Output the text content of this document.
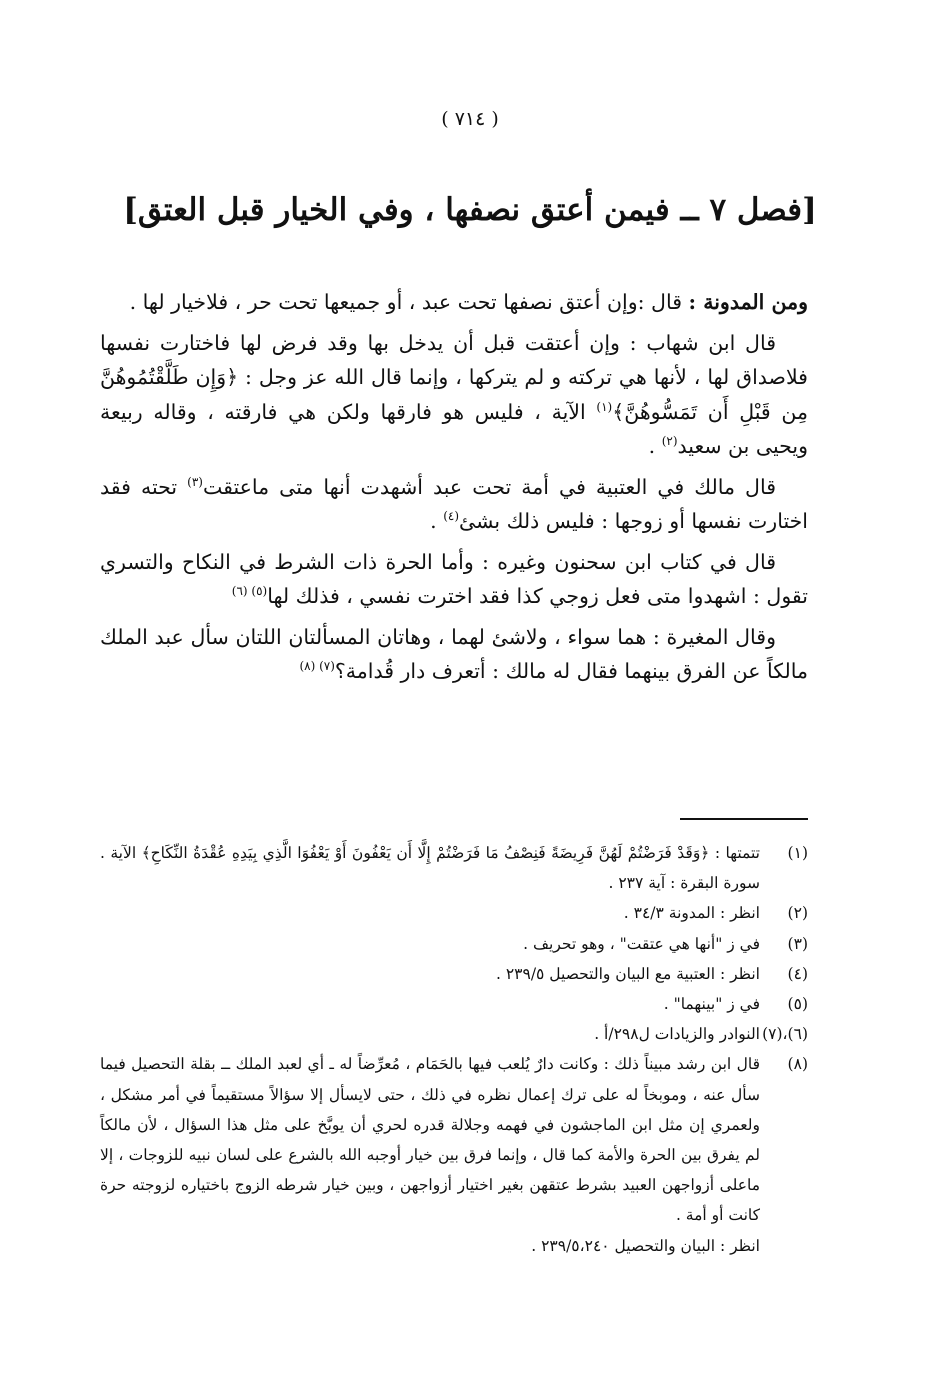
( ٧١٤ )
[فصل ٧ ــ فيمن أعتق نصفها ، وفي الخيار قبل العتق]

ومن المدونة : قال :وإن أعتق نصفها تحت عبد ، أو جميعها تحت حر ، فلاخيار لها .

قال ابن شهاب : وإن أعتقت قبل أن يدخل بها وقد فرض لها فاختارت نفسها فلاصداق لها ، لأنها هي تركته و لم يتركها ، وإنما قال الله عز وجل : ﴿وَإِن طَلَّقْتُمُوهُنَّ مِن قَبْلِ أَن تَمَسُّوهُنَّ﴾$^{(١)}$ الآية ، فليس هو فارقها ولكن هي فارقته ، وقاله ربيعة ويحيى بن سعيد$^{(٢)}$ .

قال مالك في العتبية في أمة تحت عبد أشهدت أنها متى ماعتقت$^{(٣)}$ تحته فقد اختارت نفسها أو زوجها : فليس ذلك بشئ$^{(٤)}$ .

قال في كتاب ابن سحنون وغيره : وأما الحرة ذات الشرط في النكاح والتسري تقول : اشهدوا متى فعل زوجي كذا فقد اخترت نفسي ، فذلك لها$^{(٥) (٦)}$

وقال المغيرة : هما سواء ، ولاشئ لهما ، وهاتان المسألتان اللتان سأل عبد الملك مالكاً عن الفرق بينهما فقال له مالك : أتعرف دار قُدامة؟$^{(٧) (٨)}$

(١)
تتمتها : ﴿وَقَدْ فَرَضْتُمْ لَهُنَّ فَرِيضَةً فَنِصْفُ مَا فَرَضْتُمْ إِلَّا أَن يَعْفُونَ أَوْ يَعْفُوَا الَّذِي بِيَدِهِ عُقْدَةُ النِّكَاحِ﴾ الآية . سورة البقرة : آية ٢٣٧ .
(٢)
انظر : المدونة ٣٤/٣ .
(٣)
في ز "أنها هي عتقت" ، وهو تحريف .
(٤)
انظر : العتبية مع البيان والتحصيل ٢٣٩/٥ .
(٥)
في ز "بينهما" .
(٦)،(٧)
النوادر والزيادات ل٢٩٨/أ .
(٨)
قال ابن رشد مبيناً ذلك : وكانت دارٌ يُلعب فيها بالحَمَام ، مُعرِّضاً له ـ أي لعبد الملك ــ بقلة التحصيل فيما سأل عنه ، وموبخاً له على ترك إعمال نظره في ذلك ، حتى لايسأل إلا سؤالاً مستقيماً في أمر مشكل ، ولعمري إن مثل ابن الماجشون في فهمه وجلالة قدره لحري أن يوبَّخ على مثل هذا السؤال ، لأن مالكاً لم يفرق بين الحرة والأمة كما قال ، وإنما فرق بين خيار أوجبه الله بالشرع على لسان نبيه للزوجات ، إلا ماعلى أزواجهن العبيد بشرط عتقهن بغير اختيار أزواجهن ، وبين خيار شرطه الزوج باختياره لزوجته حرة كانت أو أمة .
انظر : البيان والتحصيل ٢٣٩/٥،٢٤٠ .
